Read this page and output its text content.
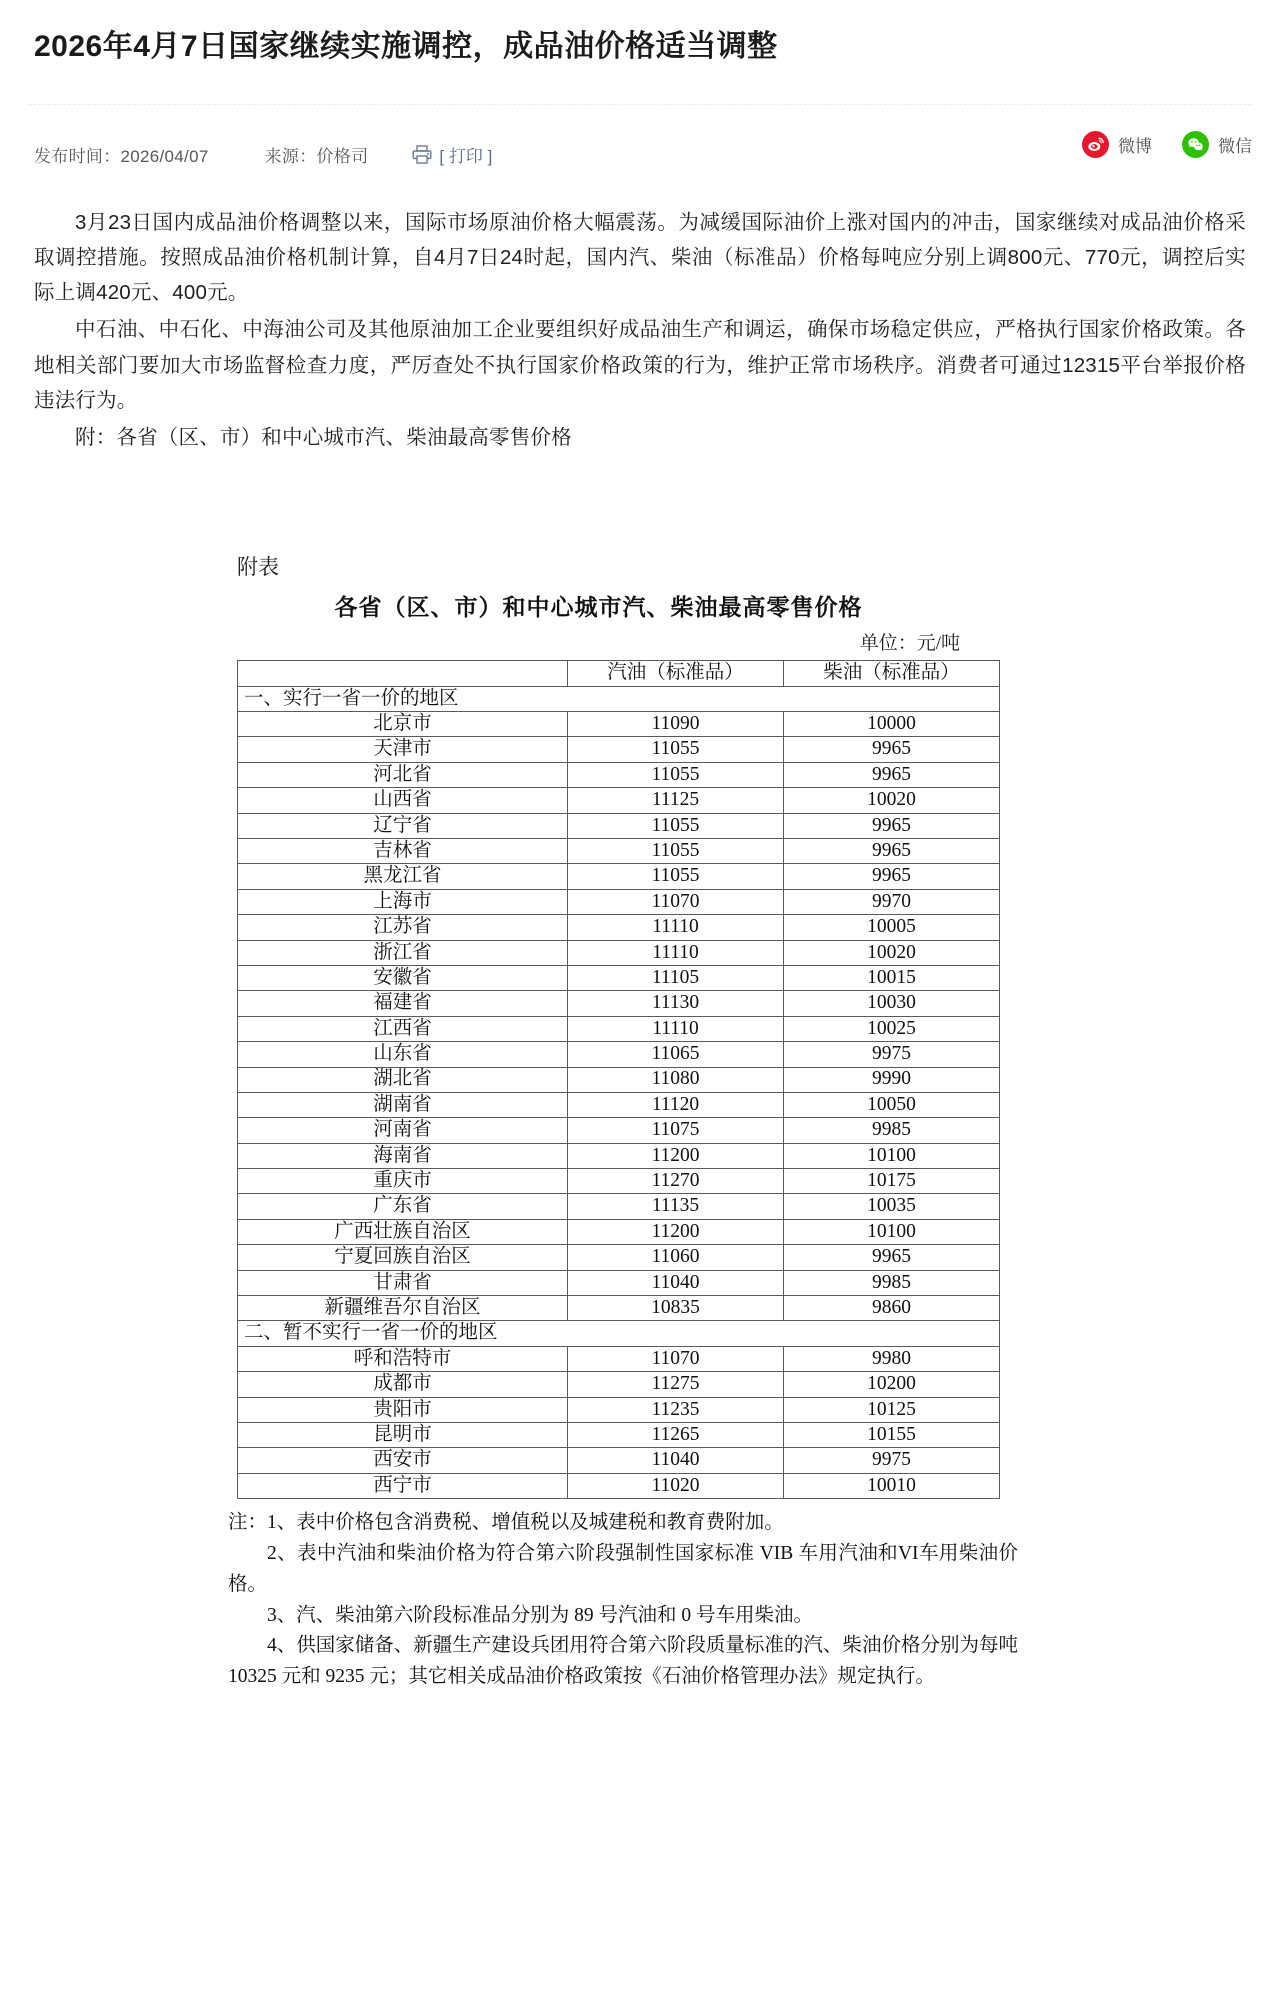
2026年4月7日国家继续实施调控，成品油价格适当调整
发布时间：2026/04/07	来源：价格司	[ 打印 ]
微博	微信

3月23日国内成品油价格调整以来，国际市场原油价格大幅震荡。为减缓国际油价上涨对国内的冲击，国家继续对成品油价格采取调控措施。按照成品油价格机制计算，自4月7日24时起，国内汽、柴油（标准品）价格每吨应分别上调800元、770元，调控后实际上调420元、400元。

中石油、中石化、中海油公司及其他原油加工企业要组织好成品油生产和调运，确保市场稳定供应，严格执行国家价格政策。各地相关部门要加大市场监督检查力度，严厉查处不执行国家价格政策的行为，维护正常市场秩序。消费者可通过12315平台举报价格违法行为。

附：各省（区、市）和中心城市汽、柴油最高零售价格

附表
各省（区、市）和中心城市汽、柴油最高零售价格
单位：元/吨
	汽油（标准品）	柴油（标准品）
一、实行一省一价的地区		
北京市	11090	10000
天津市	11055	9965
河北省	11055	9965
山西省	11125	10020
辽宁省	11055	9965
吉林省	11055	9965
黑龙江省	11055	9965
上海市	11070	9970
江苏省	11110	10005
浙江省	11110	10020
安徽省	11105	10015
福建省	11130	10030
江西省	11110	10025
山东省	11065	9975
湖北省	11080	9990
湖南省	11120	10050
河南省	11075	9985
海南省	11200	10100
重庆市	11270	10175
广东省	11135	10035
广西壮族自治区	11200	10100
宁夏回族自治区	11060	9965
甘肃省	11040	9985
新疆维吾尔自治区	10835	9860
二、暂不实行一省一价的地区		
呼和浩特市	11070	9980
成都市	11275	10200
贵阳市	11235	10125
昆明市	11265	10155
西安市	11040	9975
西宁市	11020	10010

注：1、表中价格包含消费税、增值税以及城建税和教育费附加。

2、表中汽油和柴油价格为符合第六阶段强制性国家标准 VIB 车用汽油和VI车用柴油价格。

3、汽、柴油第六阶段标准品分别为 89 号汽油和 0 号车用柴油。

4、供国家储备、新疆生产建设兵团用符合第六阶段质量标准的汽、柴油价格分别为每吨 10325 元和 9235 元；其它相关成品油价格政策按《石油价格管理办法》规定执行。
